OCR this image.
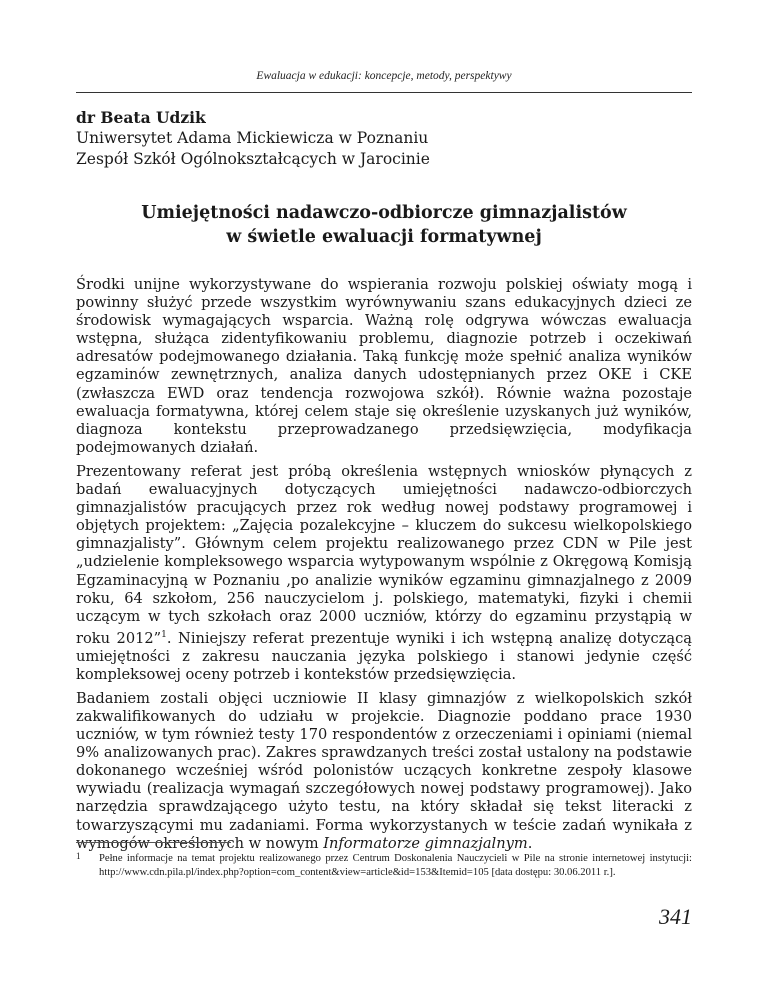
Ewaluacja w edukacji: koncepcje, metody, perspektywy
dr Beata Udzik
Uniwersytet Adama Mickiewicza w Poznaniu
Zespół Szkół Ogólnokształcących w Jarocinie
Umiejętności nadawczo-odbiorcze gimnazjalistów
w świetle ewaluacji formatywnej

Środki unijne wykorzystywane do wspierania rozwoju polskiej oświaty mogą i powinny służyć przede wszystkim wyrównywaniu szans edukacyjnych dzieci ze środowisk wymagających wsparcia. Ważną rolę odgrywa wówczas ewaluacja wstępna, służąca zidentyfikowaniu problemu, diagnozie potrzeb i oczekiwań adresatów podejmowanego działania. Taką funkcję może spełnić analiza wyników egzaminów zewnętrznych, analiza danych udostępnianych przez OKE i CKE (zwłaszcza EWD oraz tendencja rozwojowa szkół). Równie ważna pozostaje ewaluacja formatywna, której celem staje się określenie uzyskanych już wyników, diagnoza kontekstu przeprowadzanego przedsięwzięcia, modyfikacja podejmowanych działań.

Prezentowany referat jest próbą określenia wstępnych wniosków płynących z badań ewaluacyjnych dotyczących umiejętności nadawczo-odbiorczych gimnazjalistów pracujących przez rok według nowej podstawy programowej i objętych projektem: „Zajęcia pozalekcyjne – kluczem do sukcesu wielkopolskiego gimnazjalisty”. Głównym celem projektu realizowanego przez CDN w Pile jest „udzielenie kompleksowego wsparcia wytypowanym wspólnie z Okręgową Komisją Egzaminacyjną w Poznaniu ‚po analizie wyników egzaminu gimnazjalnego z 2009 roku, 64 szkołom, 256 nauczycielom j. polskiego, matematyki, fizyki i chemii uczącym w tych szkołach oraz 2000 uczniów, którzy do egzaminu przystąpią w roku 2012”$^1$. Niniejszy referat prezentuje wyniki i ich wstępną analizę dotyczącą umiejętności z zakresu nauczania języka polskiego i stanowi jedynie część kompleksowej oceny potrzeb i kontekstów przedsięwzięcia.

Badaniem zostali objęci uczniowie II klasy gimnazjów z wielkopolskich szkół zakwalifikowanych do udziału w projekcie. Diagnozie poddano prace 1930 uczniów, w tym również testy 170 respondentów z orzeczeniami i opiniami (niemal 9% analizowanych prac). Zakres sprawdzanych treści został ustalony na podstawie dokonanego wcześniej wśród polonistów uczących konkretne zespoły klasowe wywiadu (realizacja wymagań szczegółowych nowej podstawy programowej). Jako narzędzia sprawdzającego użyto testu, na który składał się tekst literacki z towarzyszącymi mu zadaniami. Forma wykorzystanych w teście zadań wynikała z wymogów określonych w nowym Informatorze gimnazjalnym.

1 Pełne informacje na temat projektu realizowanego przez Centrum Doskonalenia Nauczycieli w Pile na stronie internetowej instytucji: http://www.cdn.pila.pl/index.php?option=com_content&view=article&id=153&Itemid=105 [data dostępu: 30.06.2011 r.].
341
